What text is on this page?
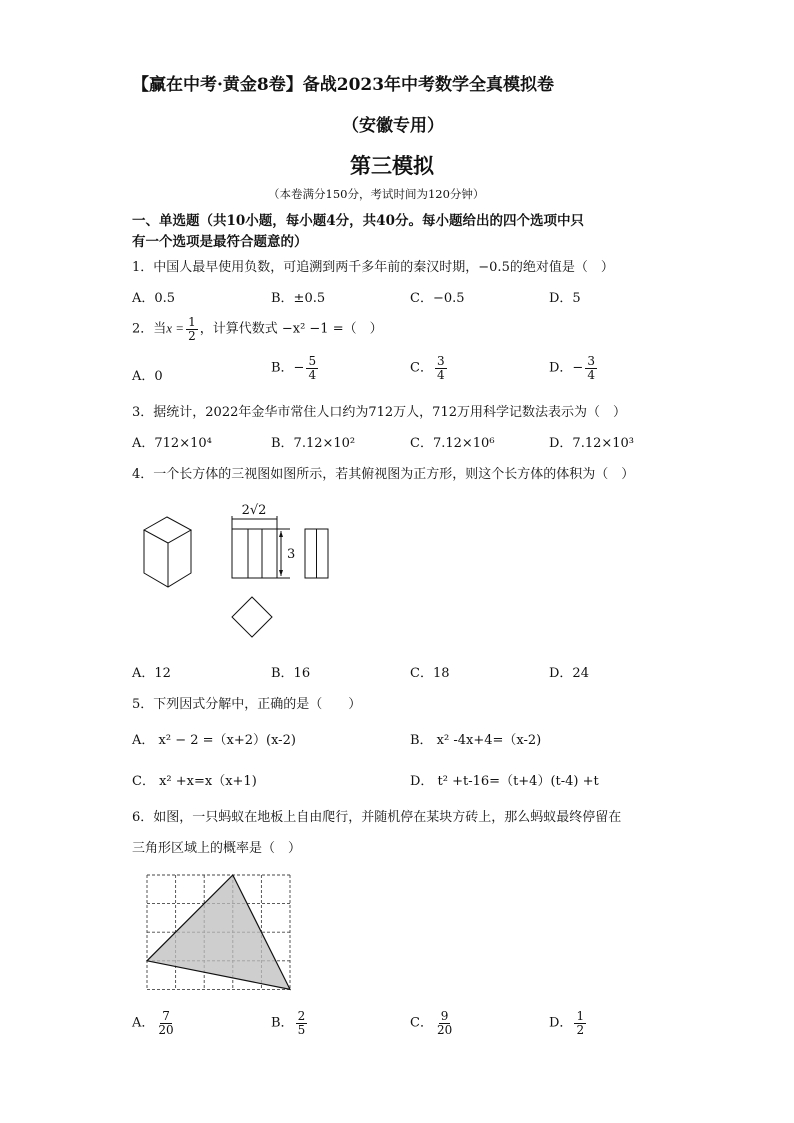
【赢在中考·黄金8卷】备战2023年中考数学全真模拟卷
（安徽专用）
第三模拟
（本卷满分150分，考试时间为120分钟）
一、单选题（共10小题，每小题4分，共40分。每小题给出的四个选项中只
有一个选项是最符合题意的）
1．中国人最早使用负数，可追溯到两千多年前的秦汉时期，−0.5的绝对值是（　）
A．0.5	B．±0.5	C．−0.5	D．5
2．当$x = \frac{1}{2}$ ，计算代数式 −x² −1 =（　）
A．0
B．− $\frac{5}{4}$	C． $\frac{3}{4}$	D．− $\frac{3}{4}$
3．据统计，2022年金华市常住人口约为712万人，712万用科学记数法表示为（　）
A．712×10⁴	B．7.12×10²	C．7.12×10⁶	D．7.12×10³
4．一个长方体的三视图如图所示，若其俯视图为正方形，则这个长方体的体积为（　）
2√2
3
A．12	B．16	C．18	D．24
5．下列因式分解中，正确的是（　　）
A． x² − 2 =（x+2）(x-2)	B． x² -4x+4=（x-2)
C． x² +x=x（x+1)	D． t² +t-16=（t+4）(t-4) +t
6．如图，一只蚂蚁在地板上自由爬行，并随机停在某块方砖上，那么蚂蚁最终停留在
三角形区域上的概率是（　）
A． $\frac{7}{20}$	B． $\frac{2}{5}$	C． $\frac{9}{20}$	D． $\frac{1}{2}$
